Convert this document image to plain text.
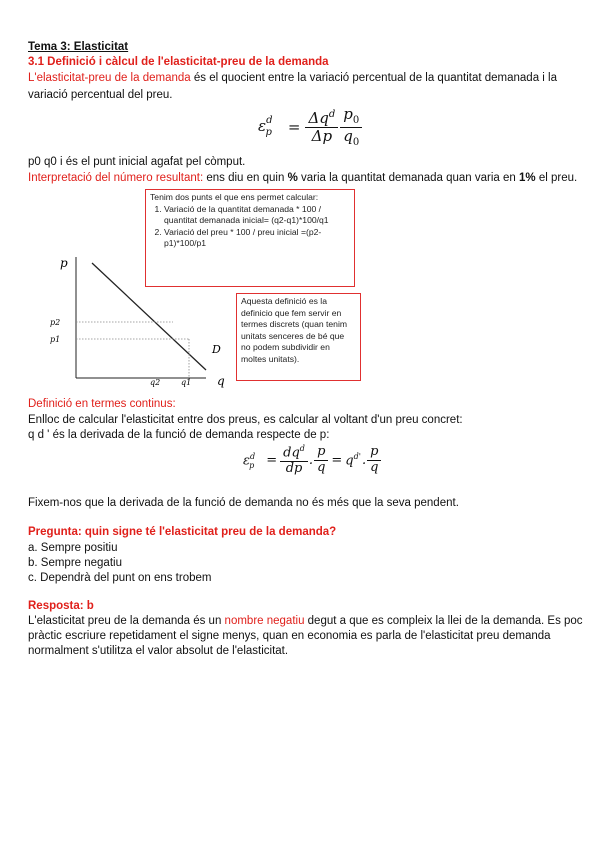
Tema 3: Elasticitat
3.1 Definició i càlcul de l'elasticitat-preu de la demanda
L'elasticitat-preu de la demanda és el quocient entre la variació percentual de la quantitat demanada i la
variació percentual del preu.
$\varepsilon^d_p$	= $\frac{\Delta q^d}{\Delta p} \frac{p_0}{q_0}$
p0 q0 i és el punt inicial agafat pel còmput.
Interpretació del número resultant: ens diu en quin % varia la quantitat demanada quan varia en 1% el preu.
Tenim dos punts el que ens permet calcular:
1. Variació de la quantitat demanada * 100 / quantitat demanada inicial= (q2-q1)*100/q1
2. Variació del preu * 100 / preu inicial =(p2-p1)*100/p1
p
q
D
p2
p1
q2	q1
Aquesta definició es la definicio que fem servir en termes discrets (quan tenim unitats senceres de bé que no podem subdividir en moltes unitats).
Definició en termes continus:
Enlloc de calcular l'elasticitat entre dos preus, es calcular al voltant d'un preu concret:
q d ' és la derivada de la funció de demanda respecte de p:
$\varepsilon^d_p = \frac{dq^d}{dp}$ . $\frac{p}{q} = q^{d'}$ . $\frac{p}{q}$
Fixem-nos que la derivada de la funció de demanda no és més que la seva pendent.
Pregunta: quin signe té l'elasticitat preu de la demanda?
a. Sempre positiu
b. Sempre negatiu
c. Dependrà del punt on ens trobem
Resposta: b
L'elasticitat preu de la demanda és un nombre negatiu degut a que es compleix la llei de la demanda. Es poc
pràctic escriure repetidament el signe menys, quan en economia es parla de l'elasticitat preu demanda
normalment s'utilitza el valor absolut de l'elasticitat.
